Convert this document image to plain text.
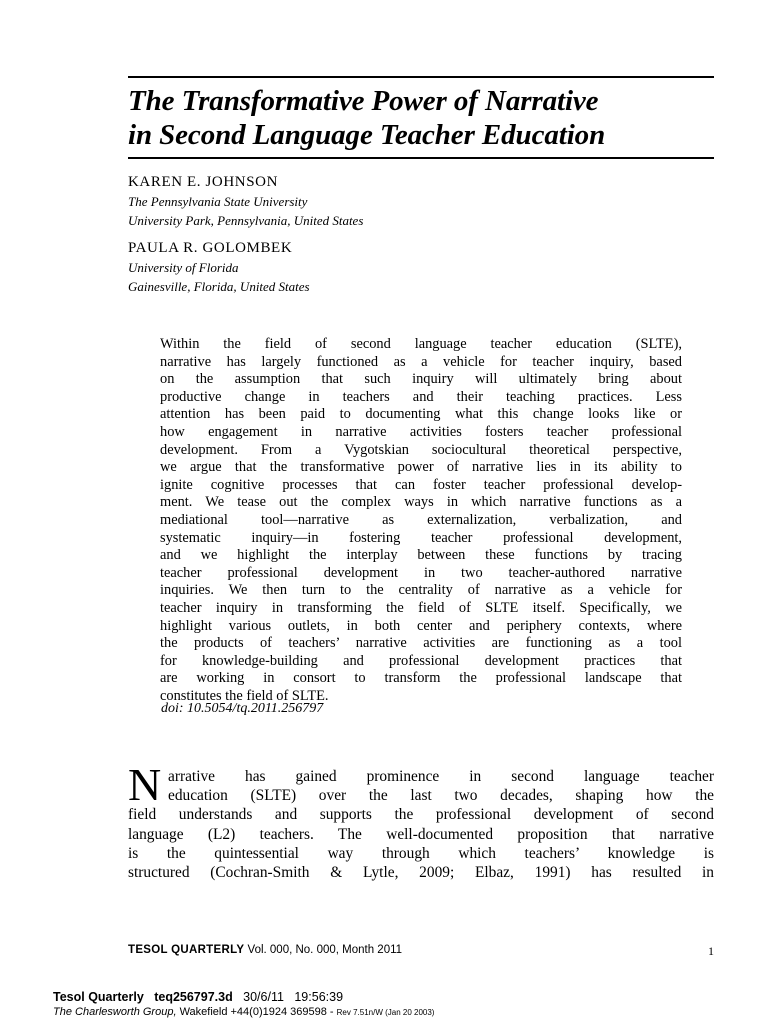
The Transformative Power of Narrative
in Second Language Teacher Education
KAREN E. JOHNSON
The Pennsylvania State University
University Park, Pennsylvania, United States
PAULA R. GOLOMBEK
University of Florida
Gainesville, Florida, United States
Within the field of second language teacher education (SLTE),
narrative has largely functioned as a vehicle for teacher inquiry, based
on the assumption that such inquiry will ultimately bring about
productive change in teachers and their teaching practices. Less
attention has been paid to documenting what this change looks like or
how engagement in narrative activities fosters teacher professional
development. From a Vygotskian sociocultural theoretical perspective,
we argue that the transformative power of narrative lies in its ability to
ignite cognitive processes that can foster teacher professional develop-
ment. We tease out the complex ways in which narrative functions as a
mediational tool—narrative as externalization, verbalization, and
systematic inquiry—in fostering teacher professional development,
and we highlight the interplay between these functions by tracing
teacher professional development in two teacher-authored narrative
inquiries. We then turn to the centrality of narrative as a vehicle for
teacher inquiry in transforming the field of SLTE itself. Specifically, we
highlight various outlets, in both center and periphery contexts, where
the products of teachers’ narrative activities are functioning as a tool
for knowledge-building and professional development practices that
are working in consort to transform the professional landscape that
constitutes the field of SLTE.
doi: 10.5054/tq.2011.256797
N arrative has gained prominence in second language teacher
education (SLTE) over the last two decades, shaping how the
field understands and supports the professional development of second
language (L2) teachers. The well-documented proposition that narrative
is the quintessential way through which teachers’ knowledge is
structured (Cochran-Smith & Lytle, 2009; Elbaz, 1991) has resulted in
TESOL QUARTERLY Vol. 000, No. 000, Month 2011	1
Tesol Quarterly teq256797.3d 30/6/11 19:56:39
The Charlesworth Group, Wakefield +44(0)1924 369598 - Rev 7.51n/W (Jan 20 2003)
